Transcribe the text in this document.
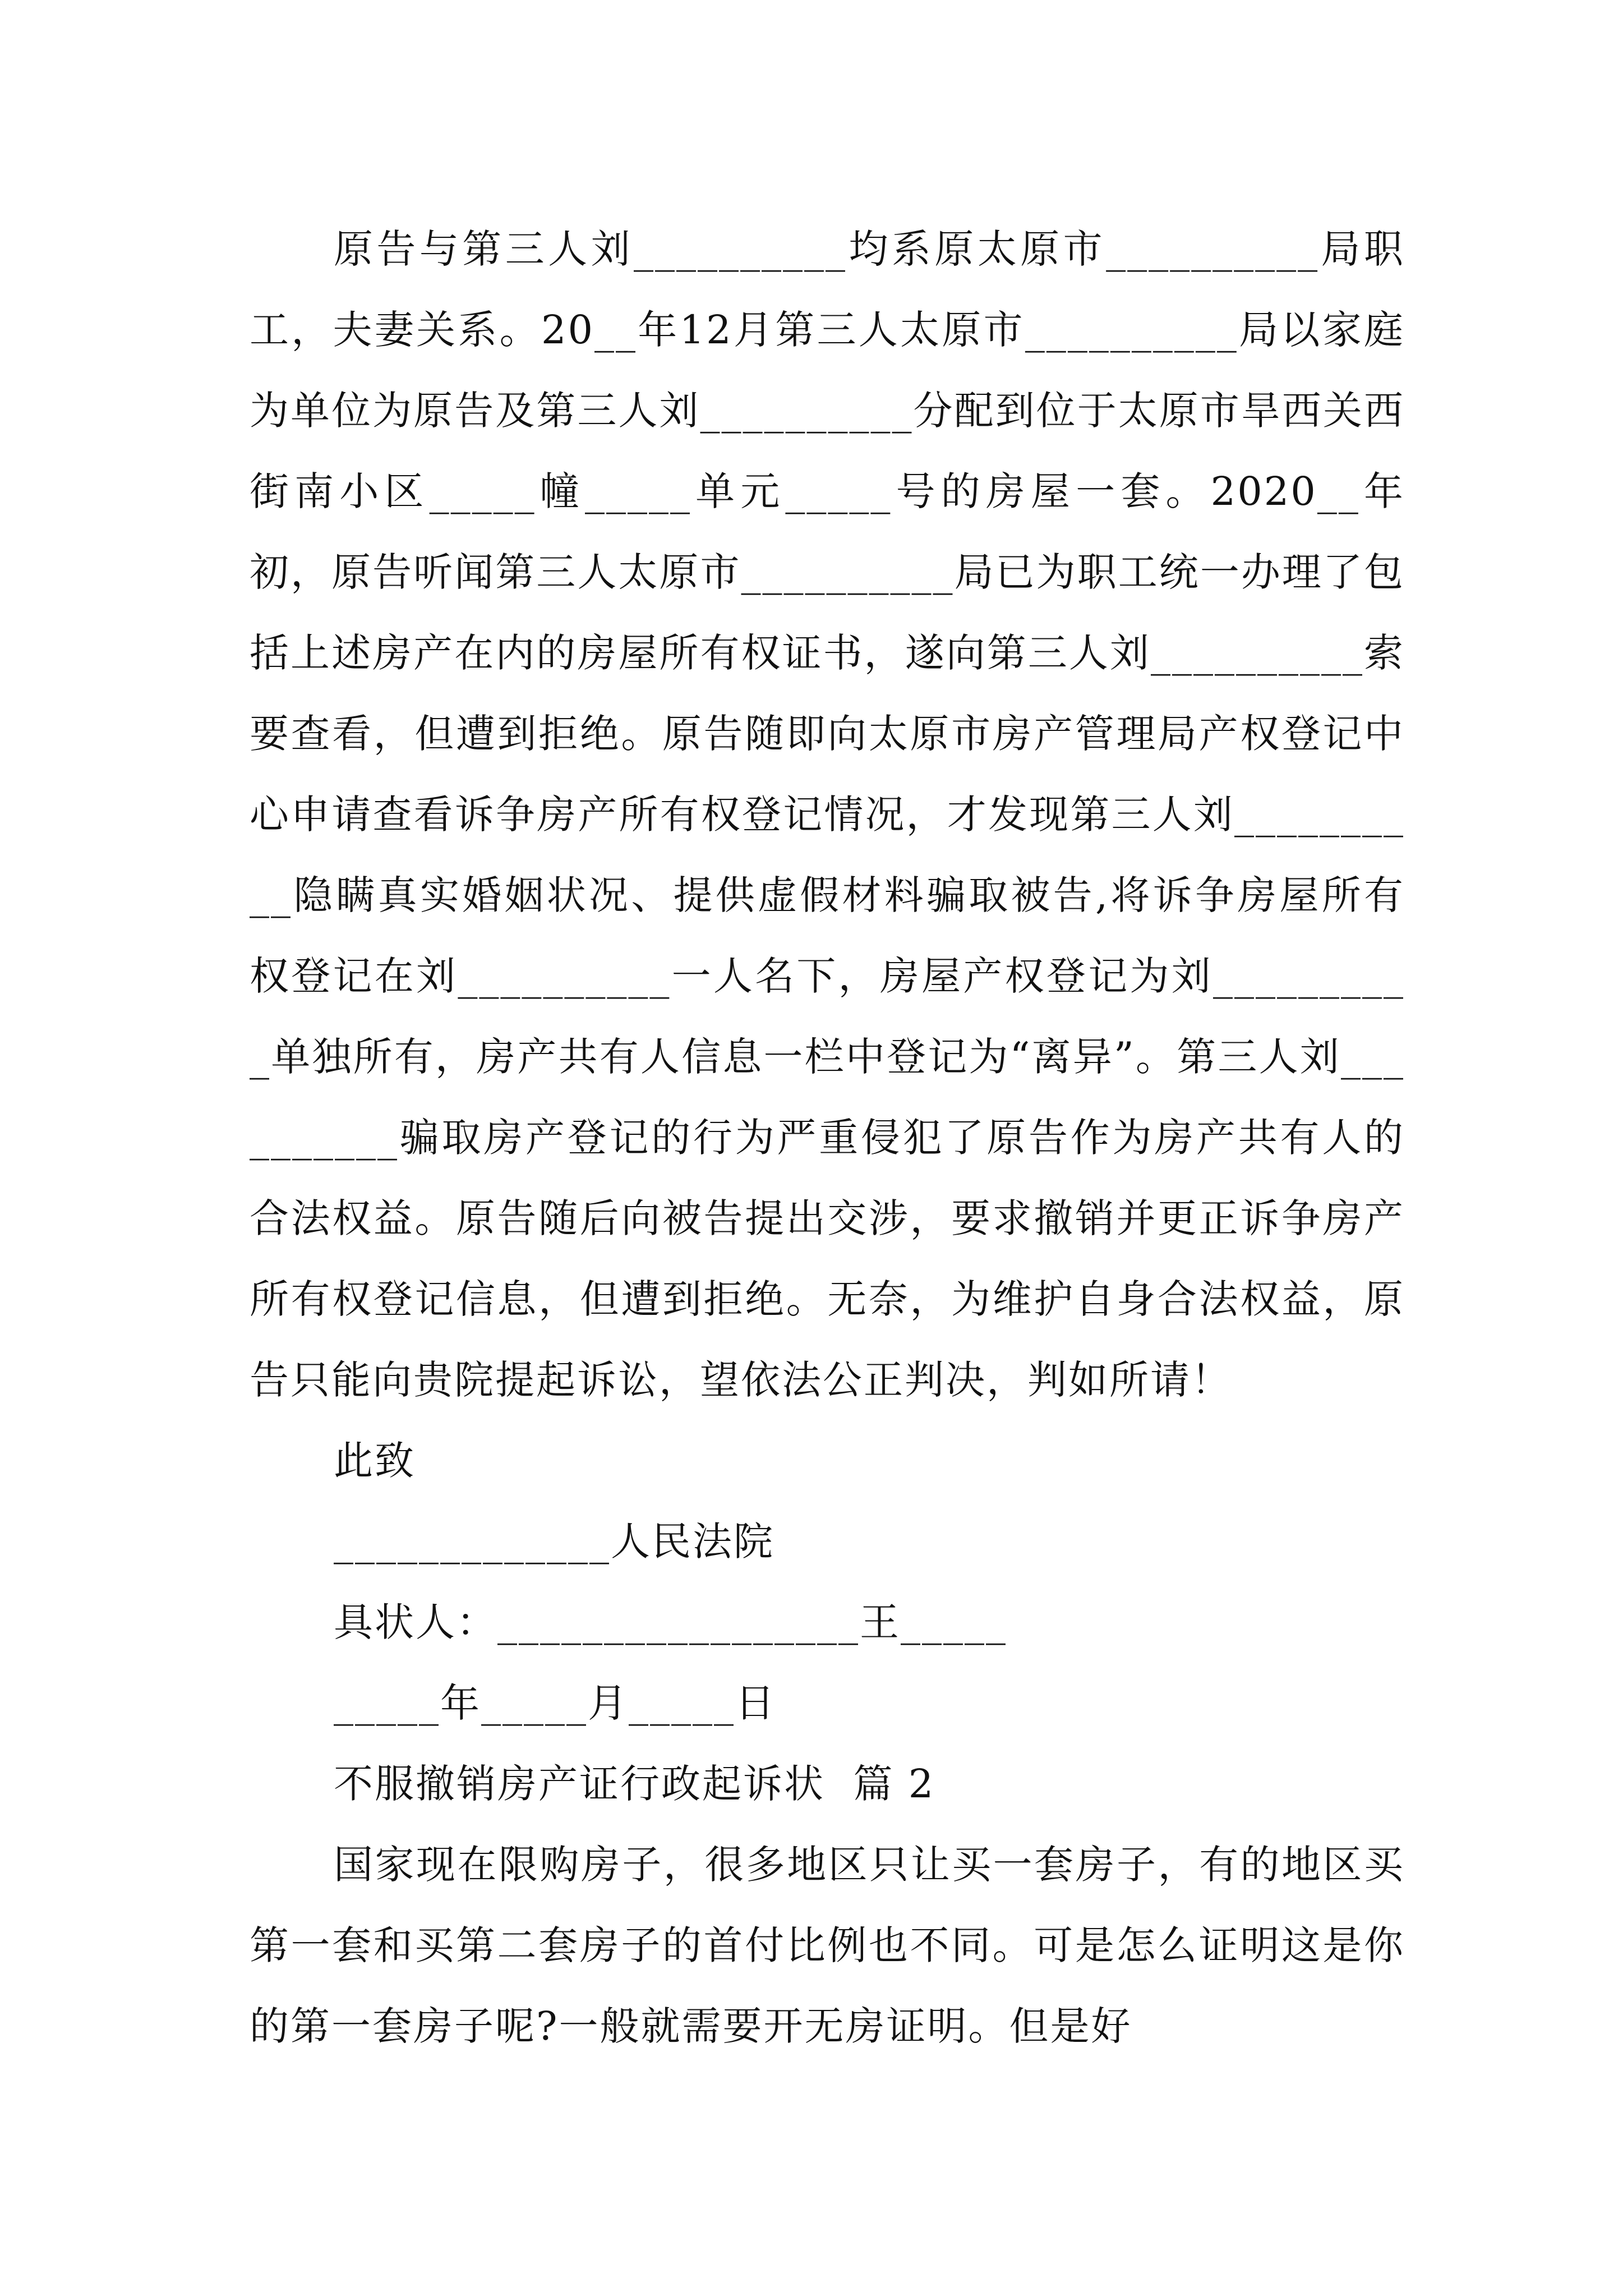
原告与第三人刘__________均系原太原市__________局职工，夫妻关系。20__年12月第三人太原市__________局以家庭为单位为原告及第三人刘__________分配到位于太原市旱西关西街南小区_____幢_____单元_____号的房屋一套。2020__年初，原告听闻第三人太原市__________局已为职工统一办理了包括上述房产在内的房屋所有权证书，遂向第三人刘__________索要查看，但遭到拒绝。原告随即向太原市房产管理局产权登记中心申请查看诉争房产所有权登记情况，才发现第三人刘__________隐瞒真实婚姻状况、提供虚假材料骗取被告,将诉争房屋所有权登记在刘__________一人名下，房屋产权登记为刘__________单独所有，房产共有人信息一栏中登记为“离异”。第三人刘__________骗取房产登记的行为严重侵犯了原告作为房产共有人的合法权益。原告随后向被告提出交涉，要求撤销并更正诉争房产所有权登记信息，但遭到拒绝。无奈，为维护自身合法权益，原告只能向贵院提起诉讼，望依法公正判决，判如所请！

此致

_____________人民法院

具状人：_________________王_____

_____年_____月_____日

不服撤销房产证行政起诉状  篇 2

国家现在限购房子，很多地区只让买一套房子，有的地区买第一套和买第二套房子的首付比例也不同。可是怎么证明这是你的第一套房子呢?一般就需要开无房证明。但是好
